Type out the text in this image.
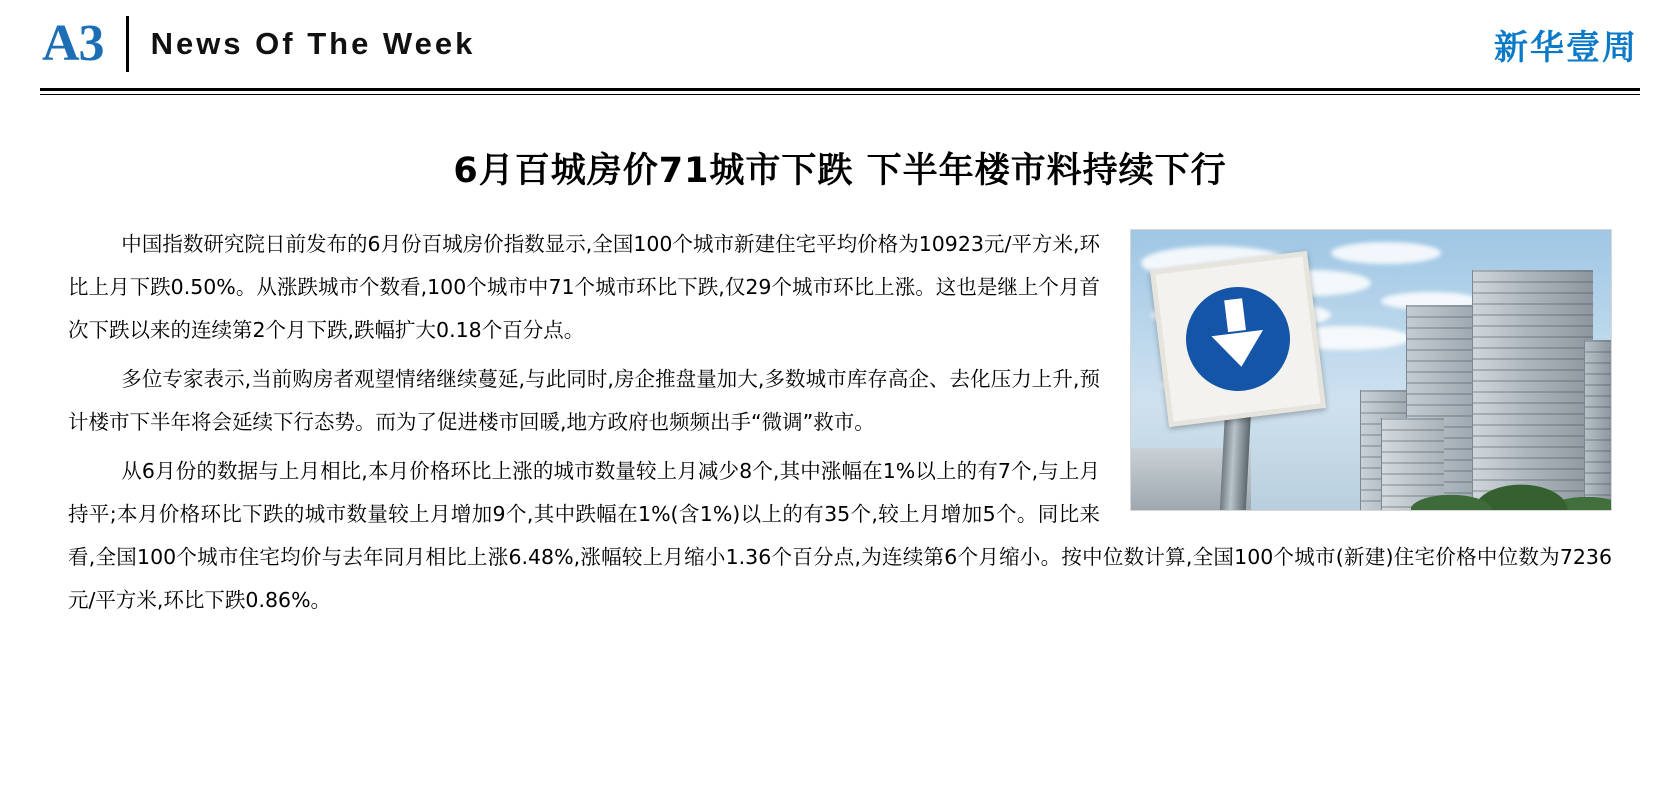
A3	News Of The Week	新华壹周
6月百城房价71城市下跌 下半年楼市料持续下行

中国指数研究院日前发布的6月份百城房价指数显示,全国100个城市新建住宅平均价格为10923元/平方米,环比上月下跌0.50%。从涨跌城市个数看,100个城市中71个城市环比下跌,仅29个城市环比上涨。这也是继上个月首次下跌以来的连续第2个月下跌,跌幅扩大0.18个百分点。

多位专家表示,当前购房者观望情绪继续蔓延,与此同时,房企推盘量加大,多数城市库存高企、去化压力上升,预计楼市下半年将会延续下行态势。而为了促进楼市回暖,地方政府也频频出手“微调”救市。

从6月份的数据与上月相比,本月价格环比上涨的城市数量较上月减少8个,其中涨幅在1%以上的有7个,与上月持平;本月价格环比下跌的城市数量较上月增加9个,其中跌幅在1%(含1%)以上的有35个,较上月增加5个。同比来看,全国100个城市住宅均价与去年同月相比上涨6.48%,涨幅较上月缩小1.36个百分点,为连续第6个月缩小。按中位数计算,全国100个城市(新建)住宅价格中位数为7236元/平方米,环比下跌0.86%。
